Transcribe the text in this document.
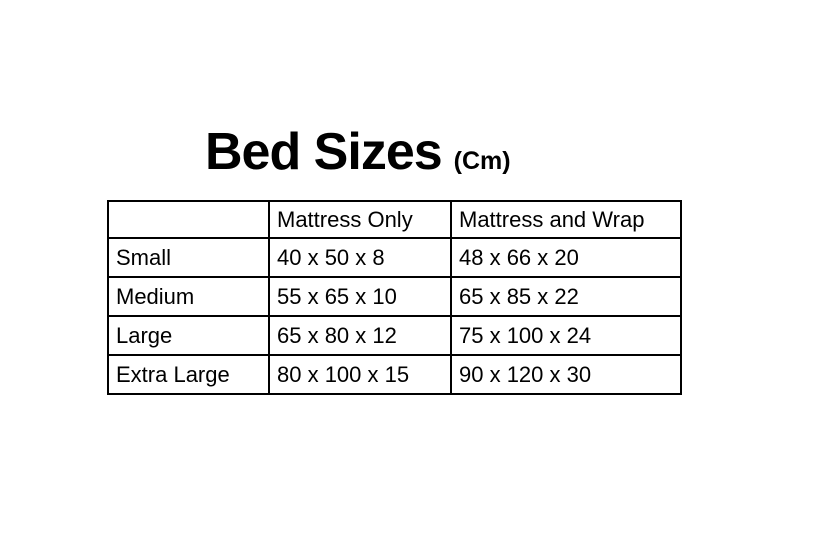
Bed Sizes (Cm)
	Mattress Only	Mattress and Wrap
Small	40 x 50 x 8	48 x 66 x 20
Medium	55 x 65 x 10	65 x 85 x 22
Large	65 x 80 x 12	75 x 100 x 24
Extra Large	80 x 100 x 15	90 x 120 x 30
